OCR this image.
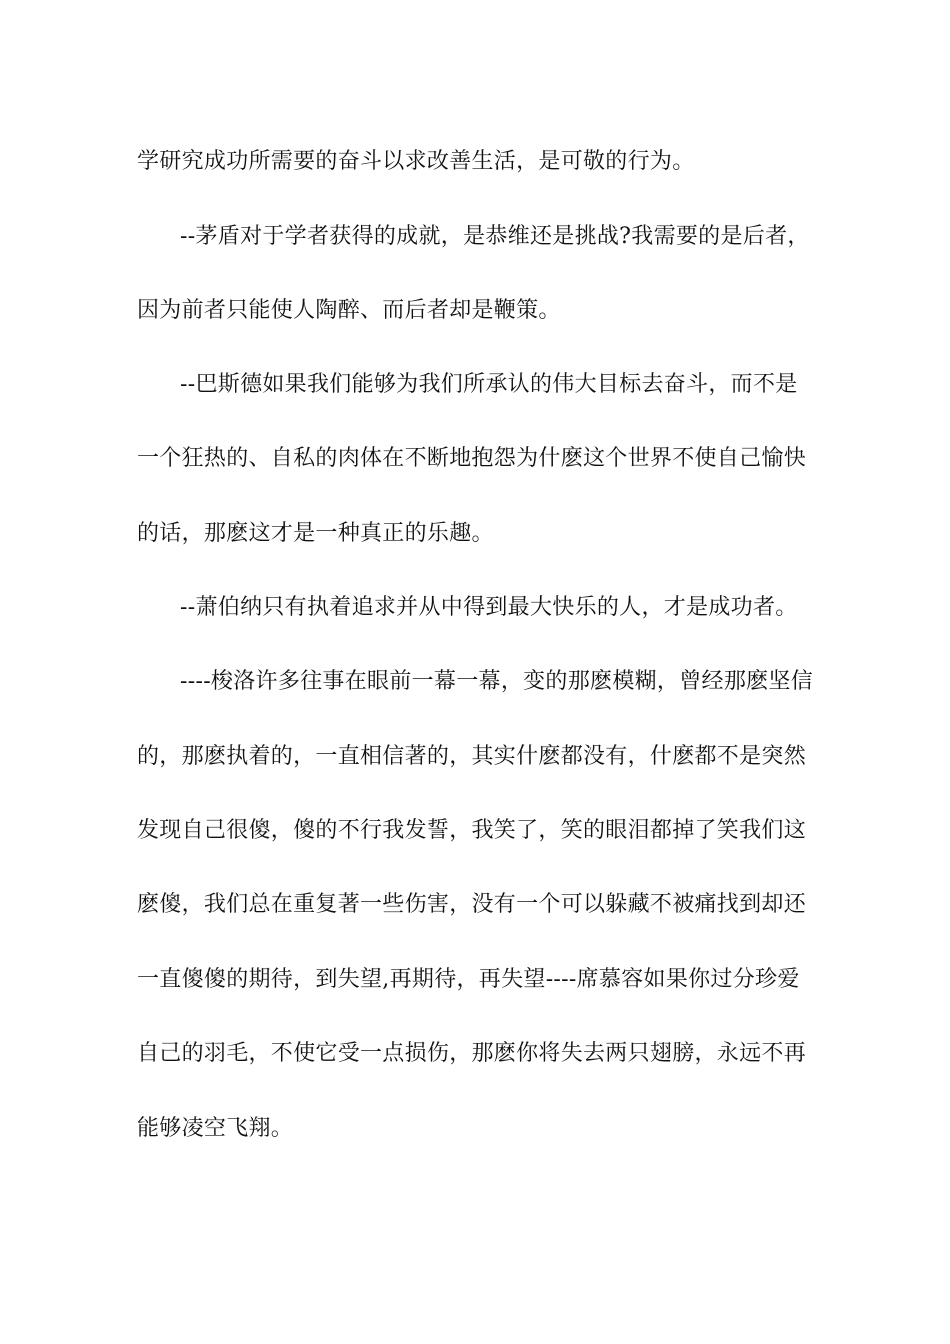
学研究成功所需要的奋斗以求改善生活，是可敬的行为。
--茅盾对于学者获得的成就，是恭维还是挑战?我需要的是后者，
因为前者只能使人陶醉、而后者却是鞭策。
--巴斯德如果我们能够为我们所承认的伟大目标去奋斗，而不是
一个狂热的、自私的肉体在不断地抱怨为什麽这个世界不使自己愉快
的话，那麽这才是一种真正的乐趣。
--萧伯纳只有执着追求并从中得到最大快乐的人，才是成功者。
----梭洛许多往事在眼前一幕一幕，变的那麽模糊，曾经那麽坚信
的，那麽执着的，一直相信著的，其实什麽都没有，什麽都不是突然
发现自己很傻，傻的不行我发誓，我笑了，笑的眼泪都掉了笑我们这
麽傻，我们总在重复著一些伤害，没有一个可以躲藏不被痛找到却还
一直傻傻的期待，到失望,再期待，再失望----席慕容如果你过分珍爱
自己的羽毛，不使它受一点损伤，那麽你将失去两只翅膀，永远不再
能够凌空飞翔。
